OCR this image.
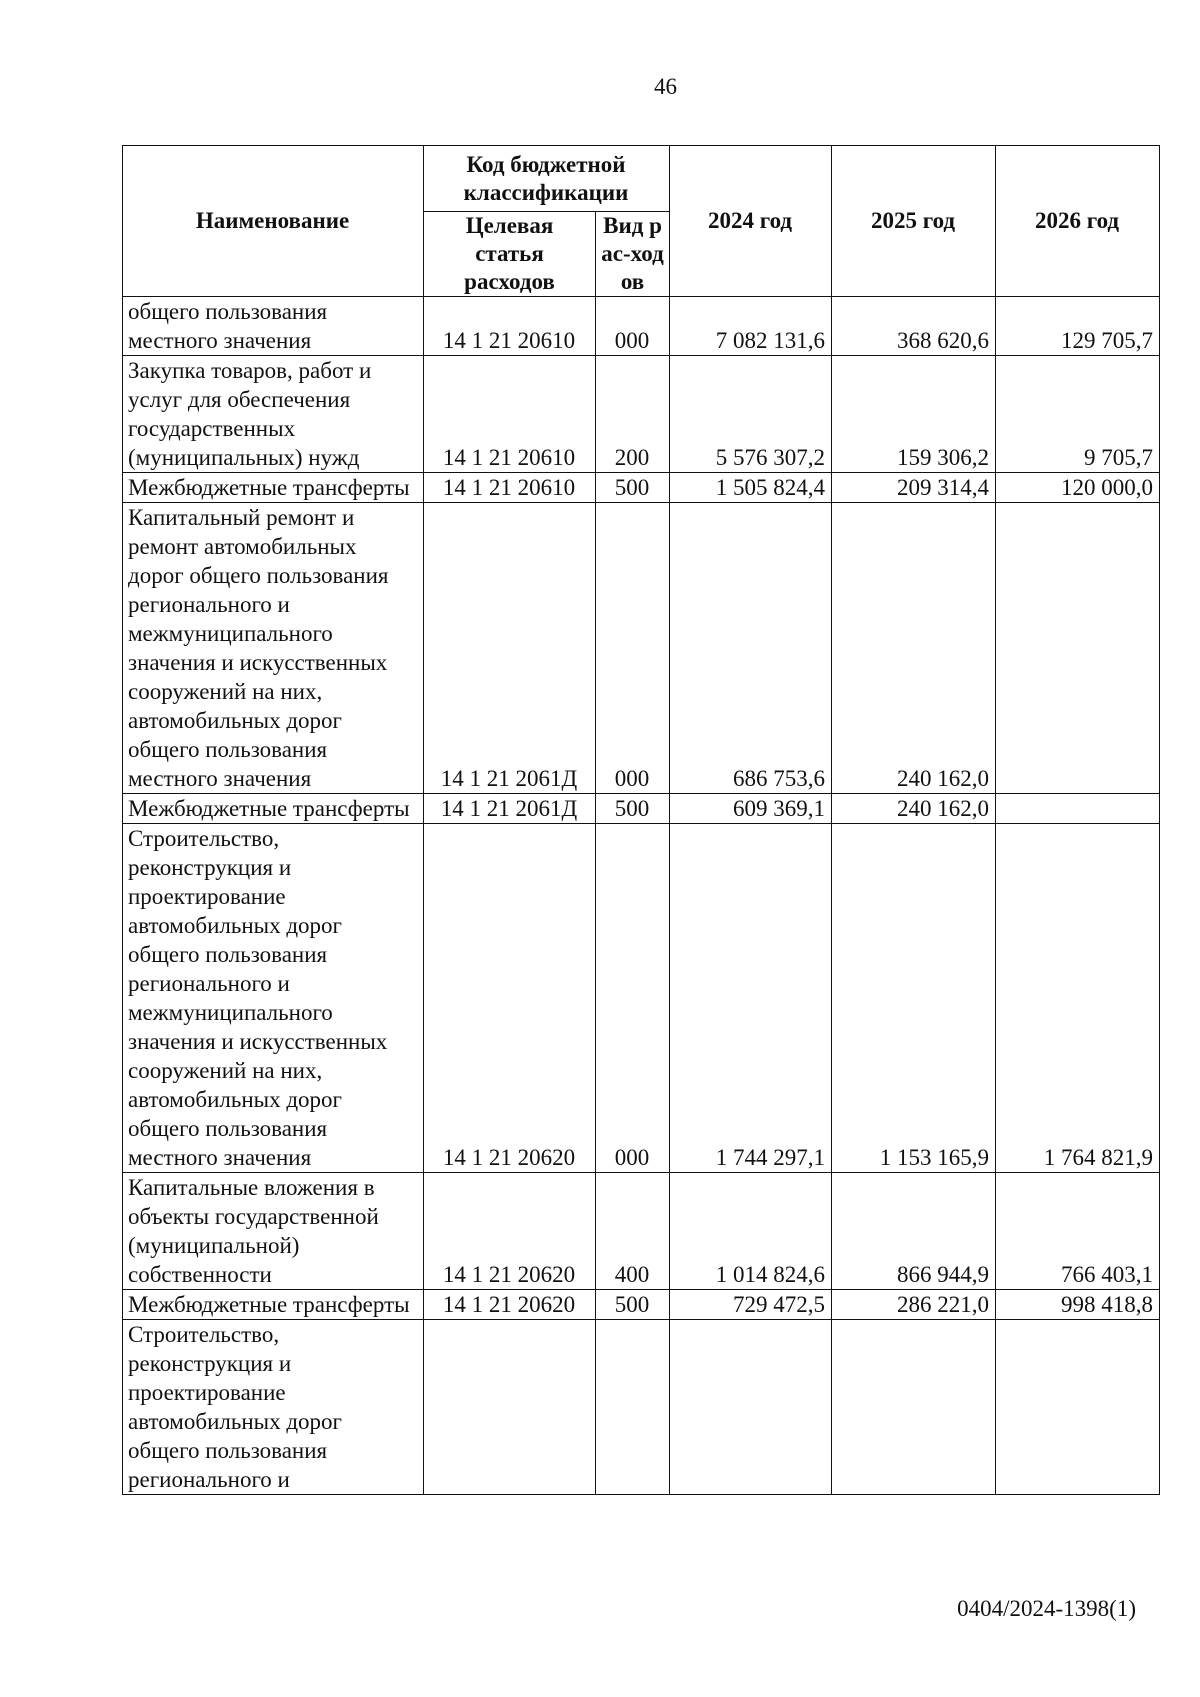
46
Наименование	Код бюджетной классификации		2024 год	2025 год	2026 год
	Целевая статья расходов	Вид рас-ходов			
общего пользования местного значения	14 1 21 20610	000	7 082 131,6	368 620,6	129 705,7
Закупка товаров, работ и услуг для обеспечения государственных (муниципальных) нужд	14 1 21 20610	200	5 576 307,2	159 306,2	9 705,7
Межбюджетные трансферты	14 1 21 20610	500	1 505 824,4	209 314,4	120 000,0
Капитальный ремонт и ремонт автомобильных дорог общего пользования регионального и межмуниципального значения и искусственных сооружений на них, автомобильных дорог общего пользования местного значения	14 1 21 2061Д	000	686 753,6	240 162,0	
Межбюджетные трансферты	14 1 21 2061Д	500	609 369,1	240 162,0	
Строительство, реконструкция и проектирование автомобильных дорог общего пользования регионального и межмуниципального значения и искусственных сооружений на них, автомобильных дорог общего пользования местного значения	14 1 21 20620	000	1 744 297,1	1 153 165,9	1 764 821,9
Капитальные вложения в объекты государственной (муниципальной) собственности	14 1 21 20620	400	1 014 824,6	866 944,9	766 403,1
Межбюджетные трансферты	14 1 21 20620	500	729 472,5	286 221,0	998 418,8
Строительство, реконструкция и проектирование автомобильных дорог общего пользования регионального и					
0404/2024-1398(1)
